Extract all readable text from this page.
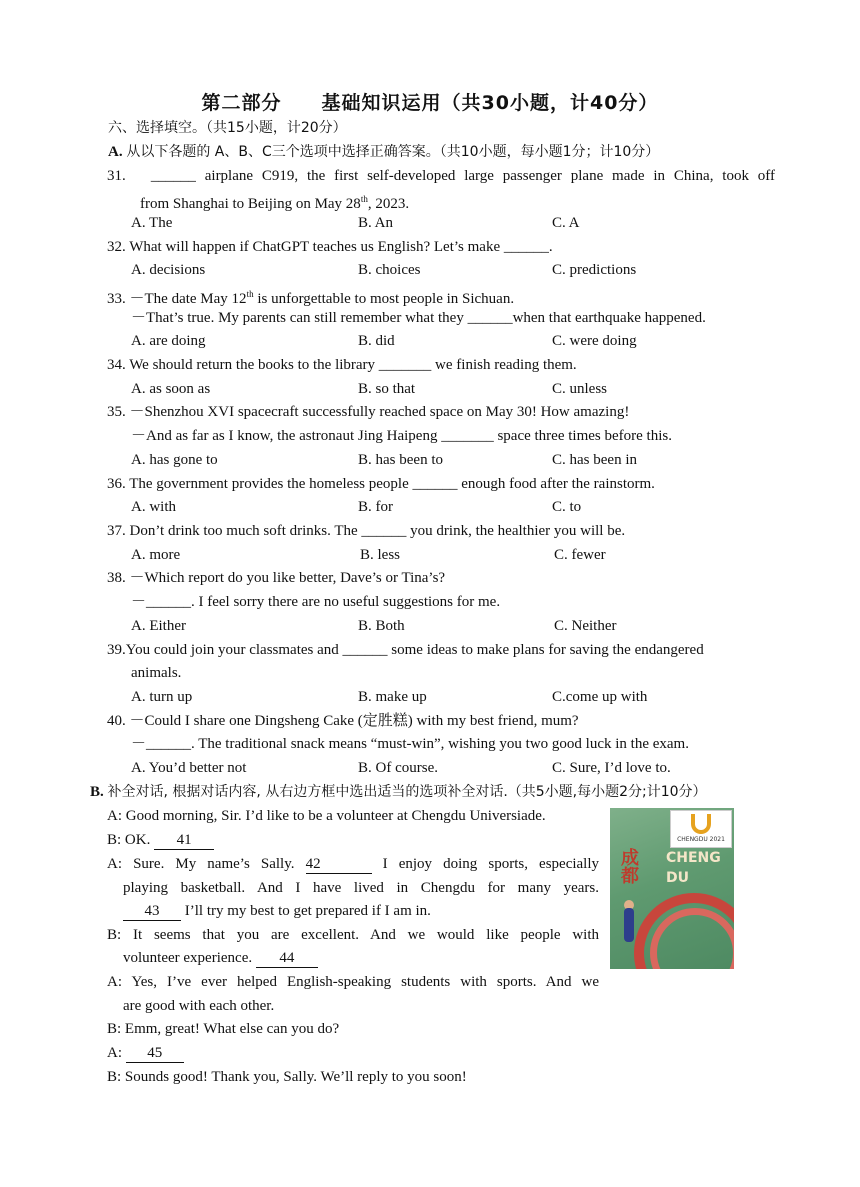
第二部分　　基础知识运用（共30小题，计40分）
六、选择填空。（共15小题，计20分）
A. 从以下各题的 A、B、C三个选项中选择正确答案。（共10小题，每小题1分；计10分）
31.　______ airplane C919, the first self-developed large passenger plane made in China, took off
from Shanghai to Beijing on May 28th, 2023.
A. The	B. An	C. A
32. What will happen if ChatGPT teaches us English? Let’s make ______.
A. decisions	B. choices	C. predictions
33. －The date May 12th is unforgettable to most people in Sichuan.
－That’s true. My parents can still remember what they ______when that earthquake happened.
A. are doing	B. did	C. were doing
34. We should return the books to the library _______ we finish reading them.
A. as soon as	B. so that	C. unless
35. －Shenzhou XVI spacecraft successfully reached space on May 30! How amazing!
－And as far as I know, the astronaut Jing Haipeng _______ space three times before this.
A. has gone to	B. has been to	C. has been in
36. The government provides the homeless people ______ enough food after the rainstorm.
A. with	B. for	C. to
37. Don’t drink too much soft drinks. The ______ you drink, the healthier you will be.
A. more	B. less	C. fewer
38. －Which report do you like better, Dave’s or Tina’s?
－______. I feel sorry there are no useful suggestions for me.
A. Either	B. Both	C. Neither
39.You could join your classmates and ______ some ideas to make plans for saving the endangered
animals.
A. turn up	B. make up	C.come up with
40. －Could I share one Dingsheng Cake (定胜糕) with my best friend, mum?
－______. The traditional snack means “must-win”, wishing you two good luck in the exam.
A. You’d better not	B. Of course.	C. Sure, I’d love to.
B. 补全对话, 根据对话内容, 从右边方框中选出适当的选项补全对话.（共5小题,每小题2分;计10分）
A: Good morning, Sir. I’d like to be a volunteer at Chengdu Universiade.
B: OK. 41
A: Sure. My name’s Sally. 42	I enjoy doing sports, especially
playing basketball. And I have lived in Chengdu for many years.
43 I’ll try my best to get prepared if I am in.
B: It seems that you are excellent. And we would like people with
volunteer experience. 44
A: Yes, I’ve ever helped English-speaking students with sports. And we
are good with each other.
B: Emm, great! What else can you do?
A: 45
B: Sounds good! Thank you, Sally. We’ll reply to you soon!
CHENGDU 2021
成都 CHENGDU
